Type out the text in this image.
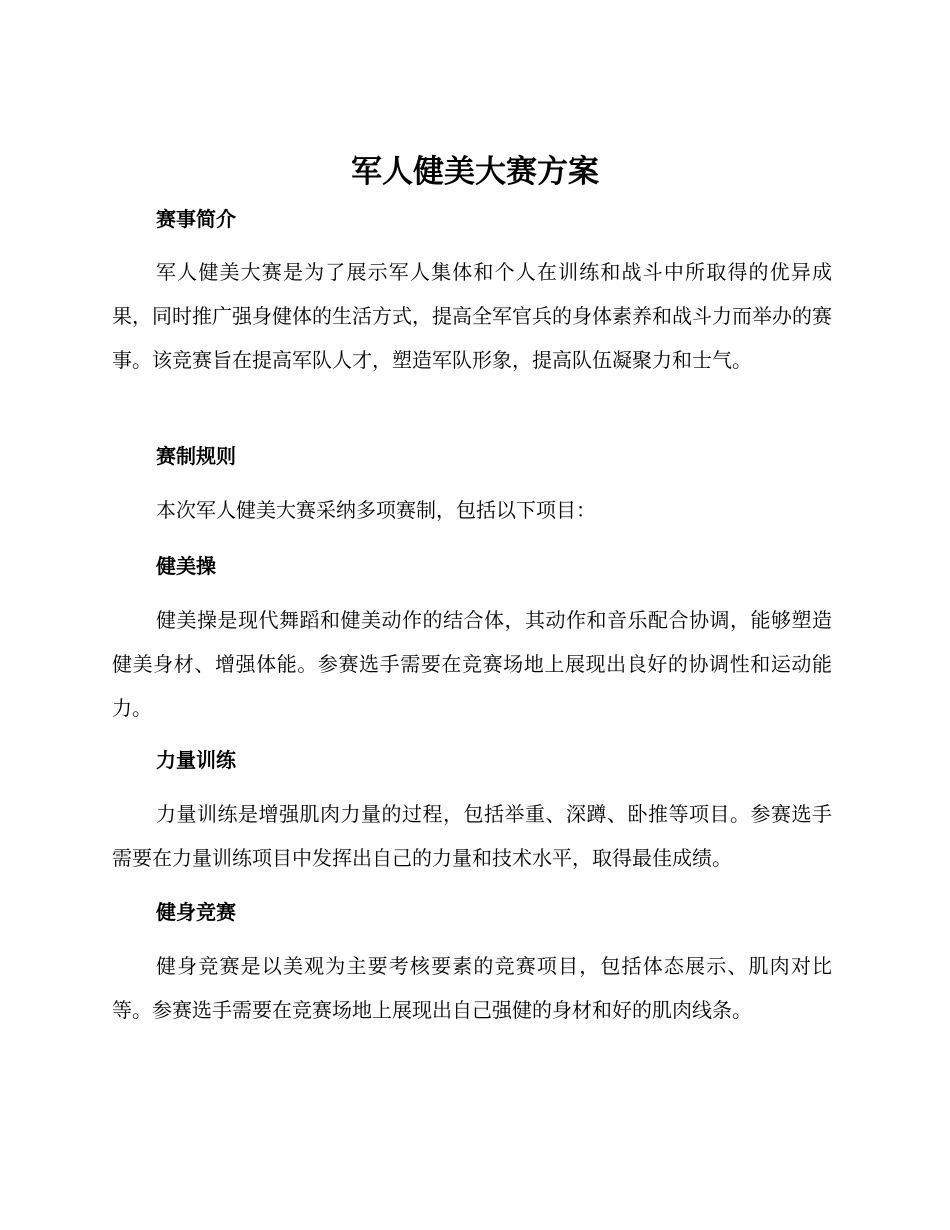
军人健美大赛方案
赛事简介

军人健美大赛是为了展示军人集体和个人在训练和战斗中所取得的优异成果，同时推广强身健体的生活方式，提高全军官兵的身体素养和战斗力而举办的赛事。该竞赛旨在提高军队人才，塑造军队形象，提高队伍凝聚力和士气。

赛制规则

本次军人健美大赛采纳多项赛制，包括以下项目：

健美操

健美操是现代舞蹈和健美动作的结合体，其动作和音乐配合协调，能够塑造健美身材、增强体能。参赛选手需要在竞赛场地上展现出良好的协调性和运动能力。

力量训练

力量训练是增强肌肉力量的过程，包括举重、深蹲、卧推等项目。参赛选手需要在力量训练项目中发挥出自己的力量和技术水平，取得最佳成绩。

健身竞赛

健身竞赛是以美观为主要考核要素的竞赛项目，包括体态展示、肌肉对比等。参赛选手需要在竞赛场地上展现出自己强健的身材和好的肌肉线条。
